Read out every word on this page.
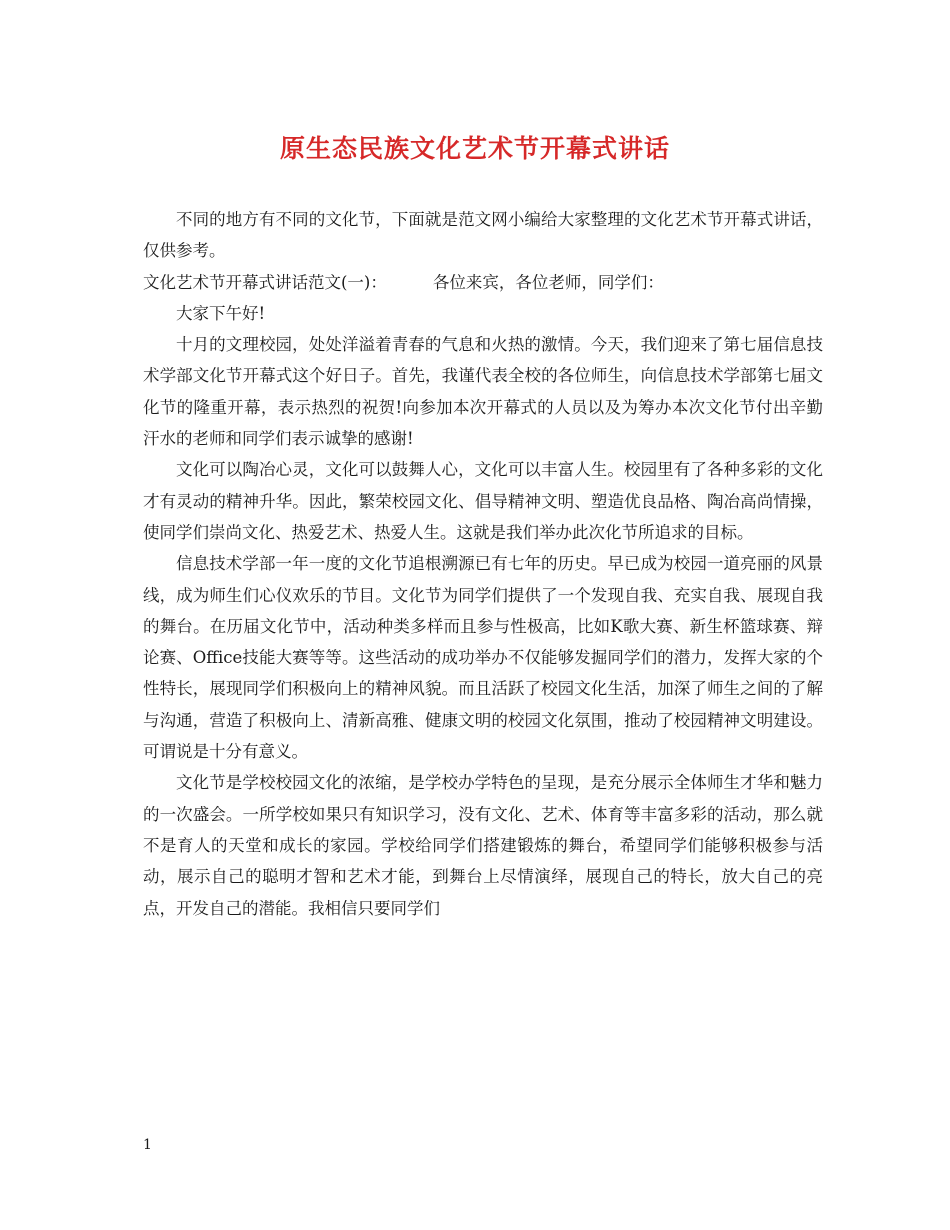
原生态民族文化艺术节开幕式讲话

不同的地方有不同的文化节，下面就是范文网小编给大家整理的文化艺术节开幕式讲话，仅供参考。

文化艺术节开幕式讲话范文(一)：	各位来宾，各位老师，同学们：

大家下午好!

十月的文理校园，处处洋溢着青春的气息和火热的激情。今天，我们迎来了第七届信息技术学部文化节开幕式这个好日子。首先，我谨代表全校的各位师生，向信息技术学部第七届文化节的隆重开幕，表示热烈的祝贺!向参加本次开幕式的人员以及为筹办本次文化节付出辛勤汗水的老师和同学们表示诚挚的感谢!

文化可以陶冶心灵，文化可以鼓舞人心，文化可以丰富人生。校园里有了各种多彩的文化才有灵动的精神升华。因此，繁荣校园文化、倡导精神文明、塑造优良品格、陶冶高尚情操，使同学们崇尚文化、热爱艺术、热爱人生。这就是我们举办此次化节所追求的目标。

信息技术学部一年一度的文化节追根溯源已有七年的历史。早已成为校园一道亮丽的风景线，成为师生们心仪欢乐的节目。文化节为同学们提供了一个发现自我、充实自我、展现自我的舞台。在历届文化节中，活动种类多样而且参与性极高，比如K歌大赛、新生杯篮球赛、辩论赛、Office技能大赛等等。这些活动的成功举办不仅能够发掘同学们的潜力，发挥大家的个性特长，展现同学们积极向上的精神风貌。而且活跃了校园文化生活，加深了师生之间的了解与沟通，营造了积极向上、清新高雅、健康文明的校园文化氛围，推动了校园精神文明建设。可谓说是十分有意义。

文化节是学校校园文化的浓缩，是学校办学特色的呈现，是充分展示全体师生才华和魅力的一次盛会。一所学校如果只有知识学习，没有文化、艺术、体育等丰富多彩的活动，那么就不是育人的天堂和成长的家园。学校给同学们搭建锻炼的舞台，希望同学们能够积极参与活动，展示自己的聪明才智和艺术才能，到舞台上尽情演绎，展现自己的特长，放大自己的亮点，开发自己的潜能。我相信只要同学们

1
